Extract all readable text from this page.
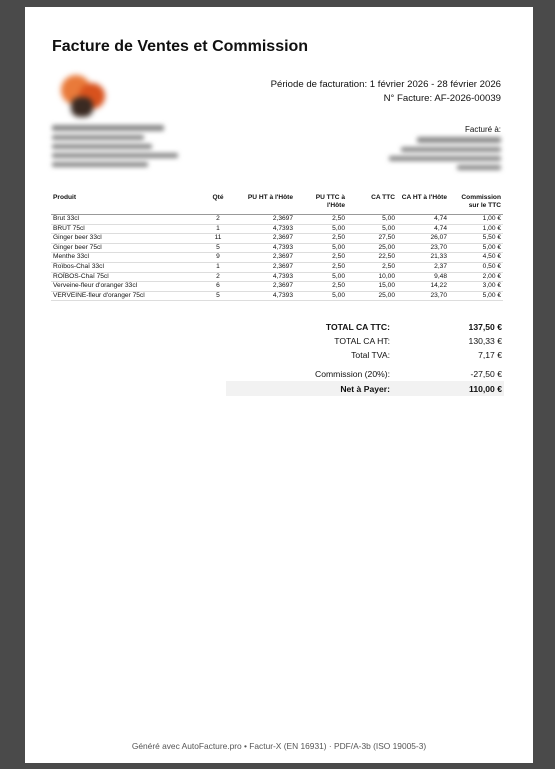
Facture de Ventes et Commission
Période de facturation: 1 février 2026 - 28 février 2026
N° Facture: AF-2026-00039
Facturé à:
Produit	Qté	PU HT à l'Hôte	PU TTC à l'Hôte	CA TTC	CA HT à l'Hôte	Commission sur le TTC
Brut 33cl	2	2,3697	2,50	5,00	4,74	1,00 €
BRUT 75cl	1	4,7393	5,00	5,00	4,74	1,00 €
Ginger beer 33cl	11	2,3697	2,50	27,50	26,07	5,50 €
Ginger beer 75cl	5	4,7393	5,00	25,00	23,70	5,00 €
Menthe 33cl	9	2,3697	2,50	22,50	21,33	4,50 €
Roïbos-Chaï 33cl	1	2,3697	2,50	2,50	2,37	0,50 €
ROÏBOS-Chaï 75cl	2	4,7393	5,00	10,00	9,48	2,00 €
Verveine-fleur d'oranger 33cl	6	2,3697	2,50	15,00	14,22	3,00 €
VERVEINE-fleur d'oranger 75cl	5	4,7393	5,00	25,00	23,70	5,00 €
TOTAL CA TTC:	137,50 €
TOTAL CA HT:	130,33 €
Total TVA:	7,17 €
Commission (20%):	-27,50 €
Net à Payer:	110,00 €
Généré avec AutoFacture.pro • Factur-X (EN 16931) · PDF/A-3b (ISO 19005-3)
